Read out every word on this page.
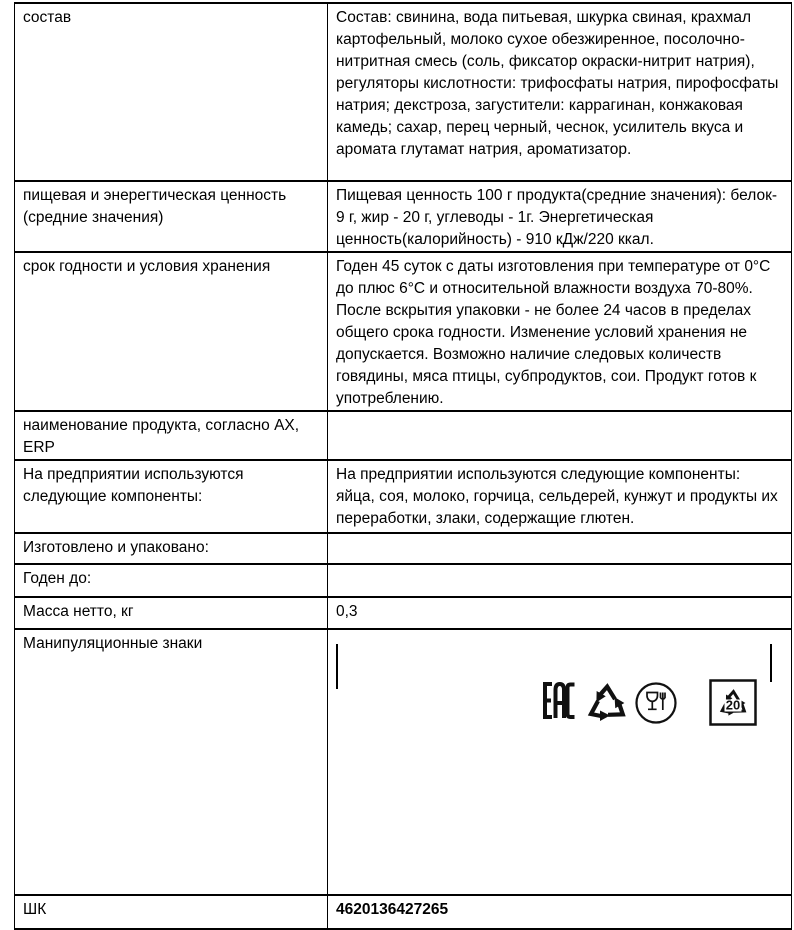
состав	Состав: свинина, вода питьевая, шкурка свиная, крахмал картофельный, молоко сухое обезжиренное, посолочно-нитритная смесь (соль, фиксатор окраски-нитрит натрия), регуляторы кислотности: трифосфаты натрия, пирофосфаты натрия; декстроза, загустители: каррагинан, конжаковая камедь; сахар, перец черный, чеснок, усилитель вкуса и аромата глутамат натрия, ароматизатор.
пищевая и энерегтическая ценность (средние значения)	Пищевая ценность 100 г продукта(средние значения): белок- 9 г, жир - 20 г, углеводы - 1г. Энергетическая ценность(калорийность) - 910 кДж/220 ккал.
срок годности и условия хранения	Годен 45 суток с даты изготовления при температуре от 0°С  до плюс 6°С и относительной влажности воздуха 70-80%. После вскрытия упаковки - не более 24 часов в пределах общего срока годности. Изменение условий хранения не допускается. Возможно наличие следовых количеств говядины, мяса птицы, субпродуктов, сои. Продукт готов к употреблению.
наименование продукта, согласно AX, ERP	
На предприятии используются следующие компоненты:	На предприятии используются следующие компоненты: яйца, соя, молоко, горчица, сельдерей, кунжут и продукты их переработки, злаки, содержащие глютен.
Изготовлено и упаковано:	
Годен до:	
Масса нетто, кг	0,3
Манипуляционные знаки	20

ШК	4620136427265
